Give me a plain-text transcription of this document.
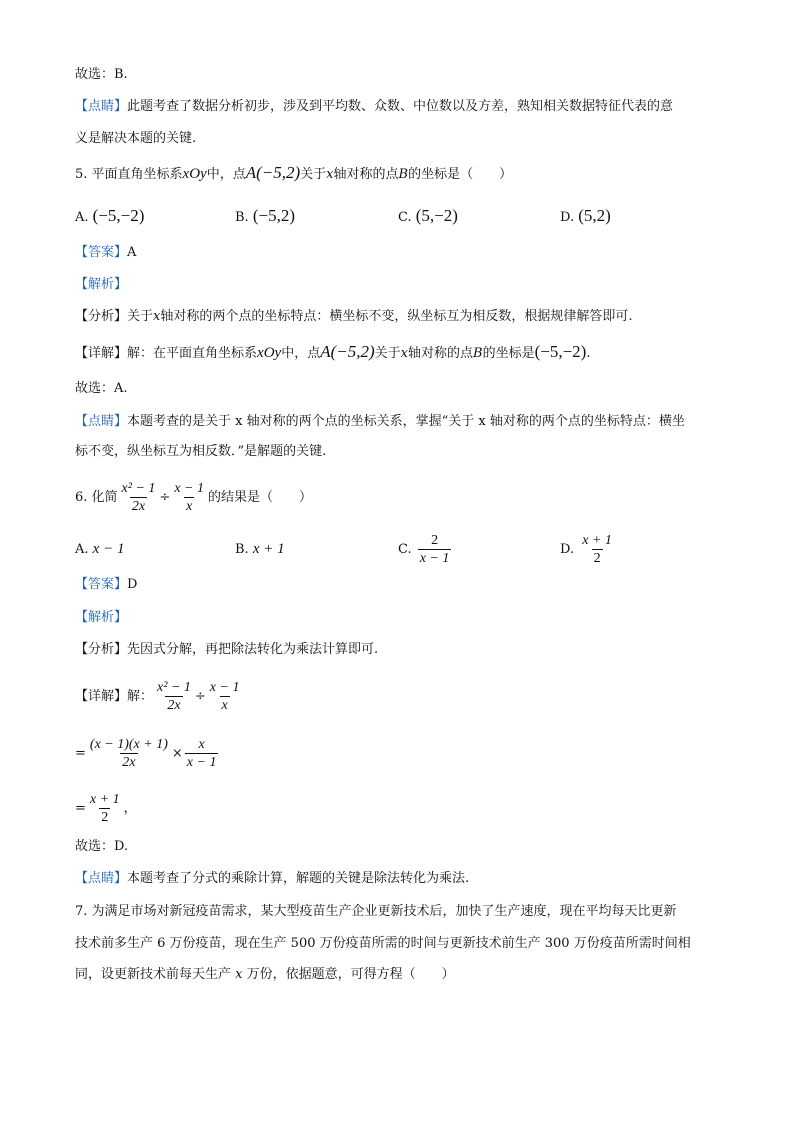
故选：B.
【点睛】此题考查了数据分析初步，涉及到平均数、众数、中位数以及方差，熟知相关数据特征代表的意
义是解决本题的关键.
5. 平面直角坐标系xOy中，点A(−5,2)关于x轴对称的点B的坐标是（　　）
A. (−5,−2)	B. (−5,2)	C. (5,−2)	D. (5,2)
【答案】A
【解析】
【分析】关于x轴对称的两个点的坐标特点：横坐标不变，纵坐标互为相反数，根据规律解答即可.
【详解】解：在平面直角坐标系xOy中，点A(−5,2)关于x轴对称的点B的坐标是(−5,−2).
故选：A.
【点睛】本题考查的是关于 x 轴对称的两个点的坐标关系，掌握“关于 x 轴对称的两个点的坐标特点：横坐
标不变，纵坐标互为相反数．”是解题的关键.
6. 化简 $\frac{\text{x² − 1}}{2x} \div \frac{x - 1}{x}$ 的结果是（　　）
A. x − 1	B. x + 1	C. $\frac{2}{x - 1}$	D. $\frac{x + 1}{2}$
【答案】D
【解析】
【分析】先因式分解，再把除法转化为乘法计算即可.
【详解】解： $\frac{\text{x² − 1}}{2x} \div \frac{x - 1}{x}$
= $\frac{(x - 1)(x + 1)}{2x} \times \frac{x}{x - 1}$
= $\frac{x + 1}{2}$ ，
故选：D.
【点睛】本题考查了分式的乘除计算，解题的关键是除法转化为乘法.
7. 为满足市场对新冠疫苗需求，某大型疫苗生产企业更新技术后，加快了生产速度，现在平均每天比更新
技术前多生产 6 万份疫苗，现在生产 500 万份疫苗所需的时间与更新技术前生产 300 万份疫苗所需时间相
同，设更新技术前每天生产 x 万份，依据题意，可得方程（　　）
